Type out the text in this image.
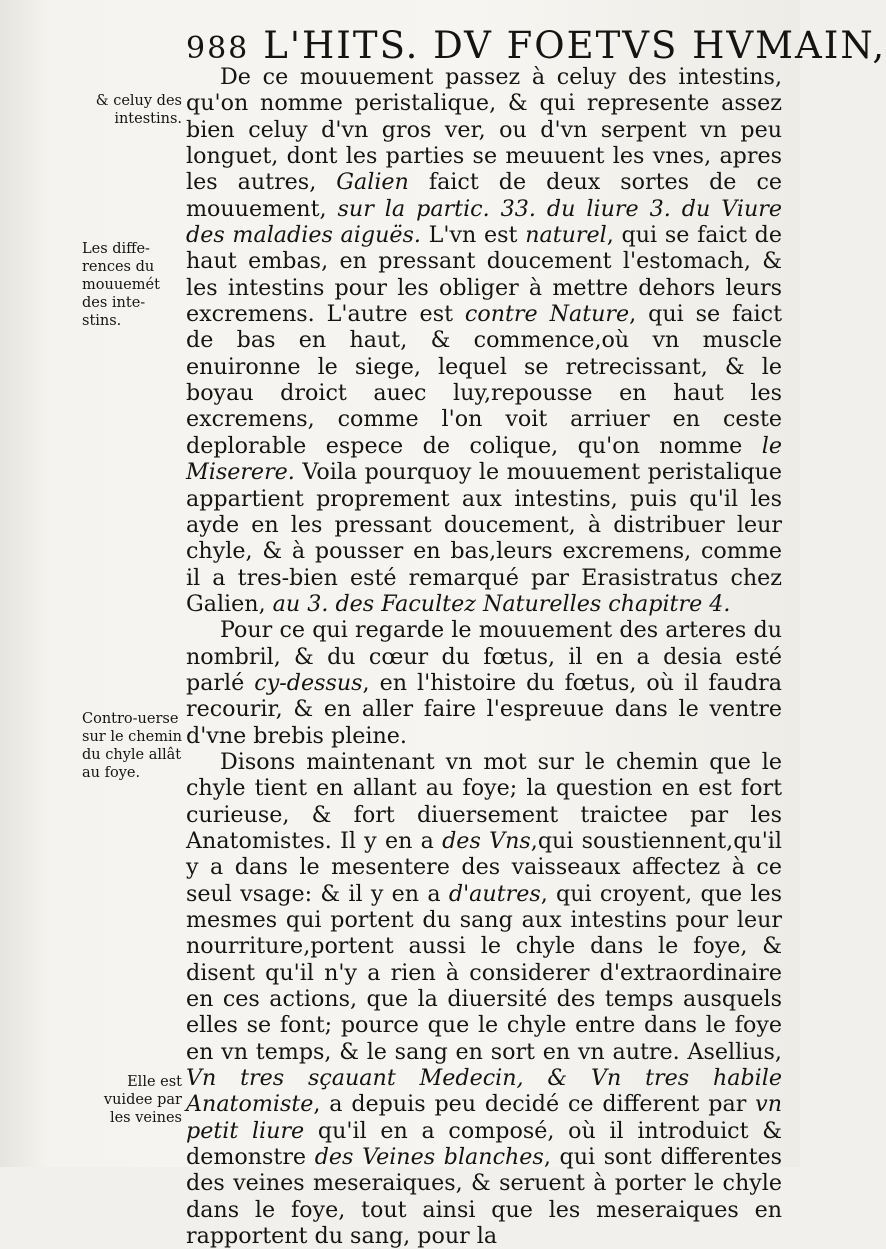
988 L'HITS. DV FOETVS HVMAIN,
& celuy des intestins.
Les diffe-rences du mouuemét des inte-stins.
Contro-uerse sur le chemin du chyle allât au foye.
Elle est vuidee par les veines

De ce mouuement passez à celuy des intestins, qu'on nomme peristalique, & qui represente assez bien celuy d'vn gros ver, ou d'vn serpent vn peu longuet, dont les parties se meuuent les vnes, apres les autres, Galien faict de deux sortes de ce mouuement, sur la partic. 33. du liure 3. du Viure des maladies aiguës. L'vn est naturel, qui se faict de haut embas, en pressant doucement l'estomach, & les intestins pour les obliger à mettre dehors leurs excremens. L'autre est contre Nature, qui se faict de bas en haut, & commence,où vn muscle enuironne le siege, lequel se retrecissant, & le boyau droict auec luy,repousse en haut les excremens, comme l'on voit arriuer en ceste deplorable espece de colique, qu'on nomme le Miserere. Voila pourquoy le mouuement peristalique appartient proprement aux intestins, puis qu'il les ayde en les pressant doucement, à distribuer leur chyle, & à pousser en bas,leurs excremens, comme il a tres-bien esté remarqué par Erasistratus chez Galien, au 3. des Facultez Naturelles chapitre 4.

Pour ce qui regarde le mouuement des arteres du nombril, & du cœur du fœtus, il en a desia esté parlé cy-dessus, en l'histoire du fœtus, où il faudra recourir, & en aller faire l'espreuue dans le ventre d'vne brebis pleine.

Disons maintenant vn mot sur le chemin que le chyle tient en allant au foye; la question en est fort curieuse, & fort diuersement traictee par les Anatomistes. Il y en a des Vns,qui soustiennent,qu'il y a dans le mesentere des vaisseaux affectez à ce seul vsage: & il y en a d'autres, qui croyent, que les mesmes qui portent du sang aux intestins pour leur nourriture,portent aussi le chyle dans le foye, & disent qu'il n'y a rien à considerer d'extraordinaire en ces actions, que la diuersité des temps ausquels elles se font; pource que le chyle entre dans le foye en vn temps, & le sang en sort en vn autre. Asellius, Vn tres sçauant Medecin, & Vn tres habile Anatomiste, a depuis peu decidé ce different par vn petit liure qu'il en a composé, où il introduict & demonstre des Veines blanches, qui sont differentes des veines meseraiques, & seruent à porter le chyle dans le foye, tout ainsi que les meseraiques en rapportent du sang, pour la
